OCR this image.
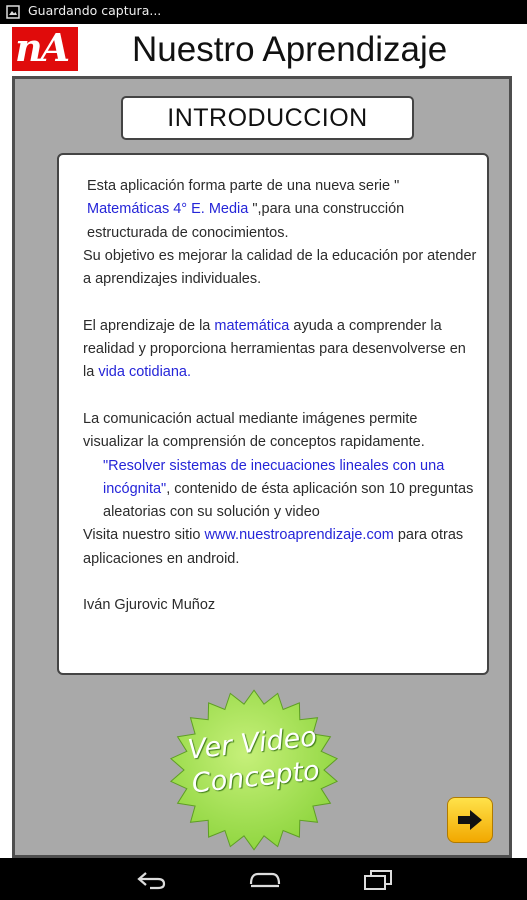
Guardando captura...
nA Nuestro Aprendizaje
INTRODUCCION

Esta aplicación forma parte de una nueva serie "
Matemáticas 4° E. Media ",para una construcción
estructurada de conocimientos.

Su objetivo es mejorar la calidad de la educación por atender a aprendizajes individuales.

El aprendizaje de la matemática ayuda a comprender la realidad y proporciona herramientas para desenvolverse en la vida cotidiana.

La comunicación actual mediante imágenes permite visualizar la comprensión de conceptos rapidamente.

"Resolver sistemas de inecuaciones lineales con una incógnita", contenido de ésta aplicación son 10 preguntas aleatorias con su solución y video

Visita nuestro sitio www.nuestroaprendizaje.com para otras aplicaciones en android.

Iván Gjurovic Muñoz

Ver Video
Concepto
